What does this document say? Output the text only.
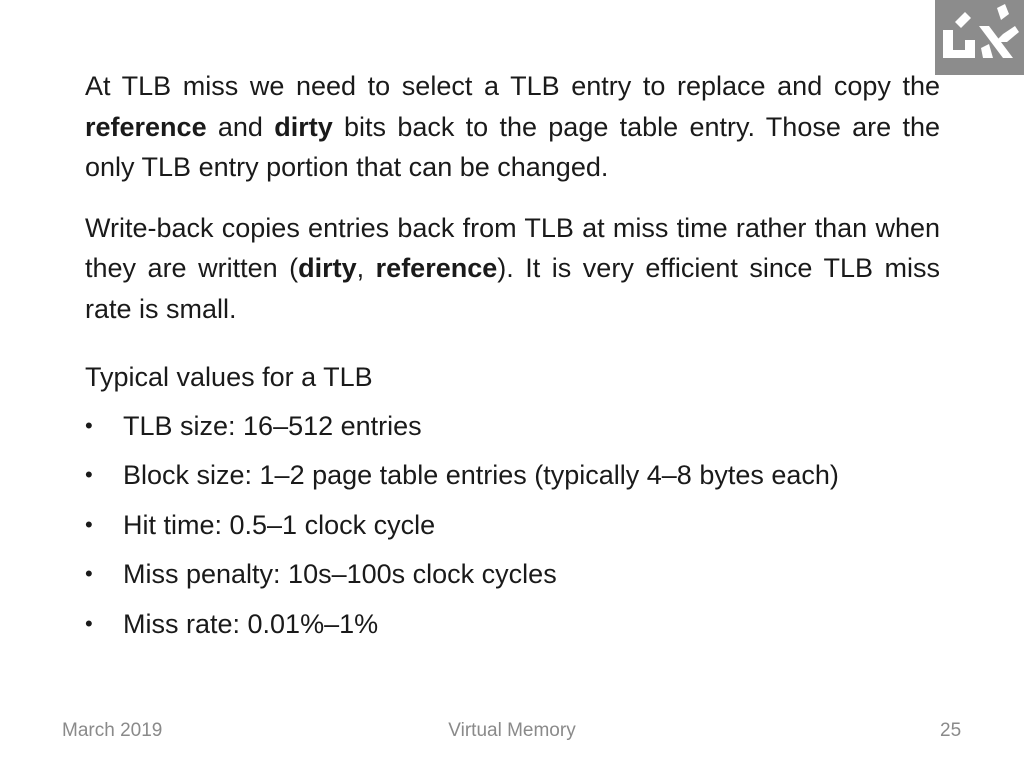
At TLB miss we need to select a TLB entry to replace and copy the reference and dirty bits back to the page table entry. Those are the only TLB entry portion that can be changed.

Write-back copies entries back from TLB at miss time rather than when they are written (dirty, reference). It is very efficient since TLB miss rate is small.

Typical values for a TLB
• TLB size: 16–512 entries
• Block size: 1–2 page table entries (typically 4–8 bytes each)
• Hit time: 0.5–1 clock cycle
• Miss penalty: 10s–100s clock cycles
• Miss rate: 0.01%–1%
March 2019	Virtual Memory	25
